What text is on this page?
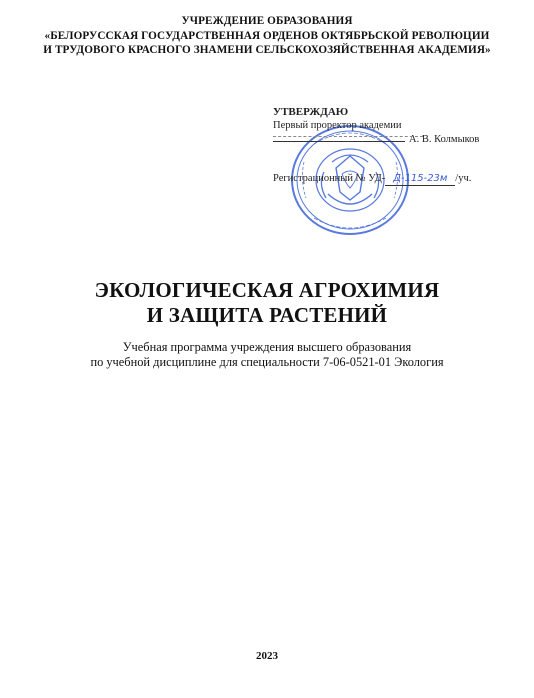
УЧРЕЖДЕНИЕ ОБРАЗОВАНИЯ
«БЕЛОРУССКАЯ ГОСУДАРСТВЕННАЯ ОРДЕНОВ ОКТЯБРЬСКОЙ РЕВОЛЮЦИИ
И ТРУДОВОГО КРАСНОГО ЗНАМЕНИ СЕЛЬСКОХОЗЯЙСТВЕННАЯ АКАДЕМИЯ»
УТВЕРЖДАЮ
Первый проректор академии
А. В. Колмыков
Регистрационный № УД- Д-115-23м /уч.
ЭКОЛОГИЧЕСКАЯ АГРОХИМИЯ
И ЗАЩИТА РАСТЕНИЙ
Учебная программа учреждения высшего образования
по учебной дисциплине для специальности 7-06-0521-01 Экология
2023
